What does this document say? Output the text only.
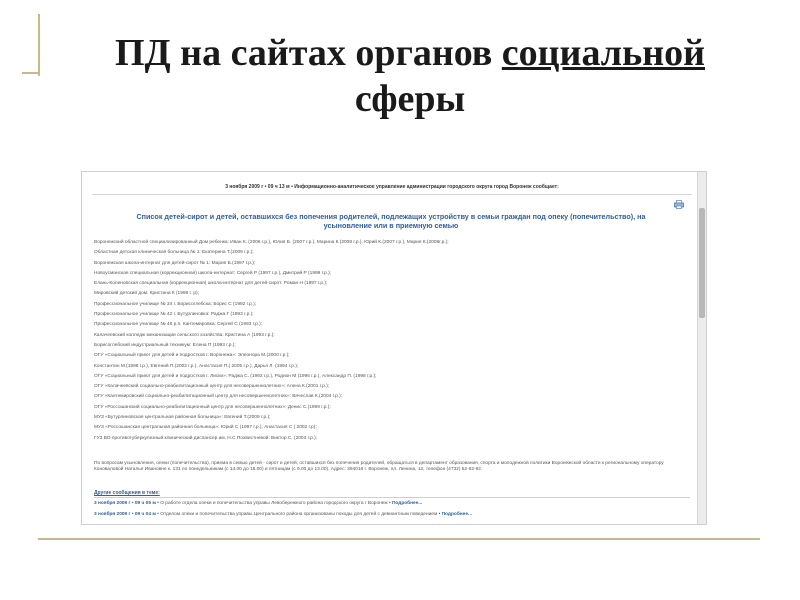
ПД на сайтах органов социальной
сферы
3 ноября 2009 г • 09 ч 13 м • Информационно-аналитическое управление администрации городского округа город Воронеж сообщает:
Список детей-сирот и детей, оставшихся без попечения родителей, подлежащих устройству в семьи граждан под опеку (попечительство), на
усыновление или в приемную семью
Воронежский областной специализированный Дом ребенка: Иван К. (2006 г.р.), Юлия Б. (2007 г.р.), Марина К.(2008 г.р.), Юрий К.(2007 г.р.), Мария К.(2008г.р.);
Областная детская клиническая больница № 1: Екатерина Т.(2009 г.р.);
Воронежская школа-интернат для детей-сирот № 1: Мария Б.(1997 г.р.);
Новоусманская специальная (коррекционная) школа-интернат: Сергей Р (1997 г.р.), Дмитрий Р (1999 г.р.);
Елань-Коленовская специальная (коррекционная) школа-интернат для детей-сирот: Роман Н (1997 г.р.);
Мировский детский дом: Кристина К (1999 г. р);
Профессиональное училище № 34 г. Борисоглебска: Борис С (1992 г.р.);
Профессиональное училище № 42 г. Бутурлиновка: Раджа Г (1993 г.р.);
Профессиональное училище № 46 р.п. Кантемировка: Сергей С (1993 г.р.);
Калачеевский колледж механизации сельского хозяйства: Кристина А (1993 г.р.);
Борисоглебский индустриальный техникум: Елена П (1993 г.р.);
ОГУ «Социальный приют для детей и подростков г. Воронежа»: Элеонора М.(2000 г.р.);
Константин М.(1998 г.р.), Евгений П.(2002 г.р.), Анастасия П.( 2005 г.р.), Дарья Л. (1994 г.р.);
ОГУ «Социальный приют для детей и подростков г. Лиски»: Раджа С. (1992 г.р.), Родион М (1996 г.р.), Александр П. (1998 г.р.);
ОГУ «Калачеевский социально-реабилитационный центр для несовершеннолетних»: Алена К.(2001 г.р.);
ОГУ «Кантемировский социально-реабилитационный центр для несовершеннолетних»: Вячеслав К.(2004 г.р.);
ОГУ «Россошанский социально-реабилитационный центр для несовершеннолетних»: Денис С.(1999 г.р.);
МУЗ «Бутурлиновская центральная районная больница»: Евгений Т.(2009 г.р.);
МУЗ «Россошанская центральная районная больница»: Юрий С (1997 г.р.), Анастасия С ( 2002 г.р);
ГУЗ ВО противотуберкулезный клинический диспансер им. Н.С Похвистневой: Виктор С. (2003 г.р.);
По вопросам усыновления, опеки (попечительства), приема в семью детей - сирот и детей, оставшихся без попечения родителей, обращаться в департамент образования, спорта и молодежной политики Воронежской области к региональному оператору Коноваловой Наталье Ивановне к. 131 по понедельникам (с 14.00 до 18.00) и пятницам (с 9.00 до 13.00). Адрес: 394018 г. Воронеж, пл. Ленина, 12, телефон (4732) 52-82-92.
Другие сообщения в теме:
3 ноября 2009 г • 09 ч 05 м • О работе отдела опеки и попечительства управы Левобережного района городского округа г Воронеж • Подробнее...
3 ноября 2009 г • 09 ч 04 м • Отделом опеки и попечительства управы Центрального района организованы походы для детей с девиантным поведением • Подробнее...
